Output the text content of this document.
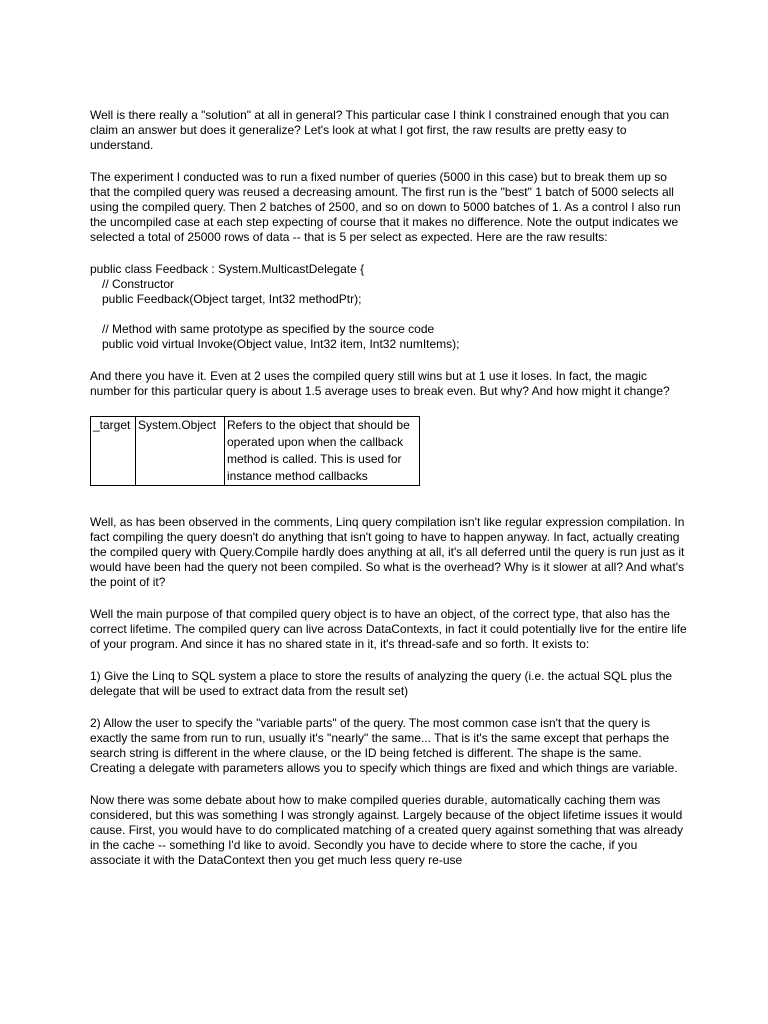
Well is there really a "solution" at all in general? This particular case I think I constrained enough that you can claim an answer but does it generalize? Let's look at what I got first, the raw results are pretty easy to understand.

The experiment I conducted was to run a fixed number of queries (5000 in this case) but to break them up so that the compiled query was reused a decreasing amount. The first run is the "best" 1 batch of 5000 selects all using the compiled query. Then 2 batches of 2500, and so on down to 5000 batches of 1. As a control I also run the uncompiled case at each step expecting of course that it makes no difference. Note the output indicates we selected a total of 25000 rows of data -- that is 5 per select as expected. Here are the raw results:

public class Feedback : System.MulticastDelegate {
// Constructor
public Feedback(Object target, Int32 methodPtr);

// Method with same prototype as specified by the source code
public void virtual Invoke(Object value, Int32 item, Int32 numItems);

And there you have it. Even at 2 uses the compiled query still wins but at 1 use it loses. In fact, the magic number for this particular query is about 1.5 average uses to break even. But why? And how might it change?

_target	System.Object	Refers to the object that should be operated upon when the callback method is called. This is used for instance method callbacks

Well, as has been observed in the comments, Linq query compilation isn't like regular expression compilation. In fact compiling the query doesn't do anything that isn't going to have to happen anyway. In fact, actually creating the compiled query with Query.Compile hardly does anything at all, it's all deferred until the query is run just as it would have been had the query not been compiled. So what is the overhead? Why is it slower at all? And what's the point of it?

Well the main purpose of that compiled query object is to have an object, of the correct type, that also has the correct lifetime. The compiled query can live across DataContexts, in fact it could potentially live for the entire life of your program. And since it has no shared state in it, it's thread-safe and so forth. It exists to:

1) Give the Linq to SQL system a place to store the results of analyzing the query (i.e. the actual SQL plus the delegate that will be used to extract data from the result set)

2) Allow the user to specify the "variable parts" of the query. The most common case isn't that the query is exactly the same from run to run, usually it's "nearly" the same... That is it's the same except that perhaps the search string is different in the where clause, or the ID being fetched is different. The shape is the same. Creating a delegate with parameters allows you to specify which things are fixed and which things are variable.

Now there was some debate about how to make compiled queries durable, automatically caching them was considered, but this was something I was strongly against. Largely because of the object lifetime issues it would cause. First, you would have to do complicated matching of a created query against something that was already in the cache -- something I'd like to avoid. Secondly you have to decide where to store the cache, if you associate it with the DataContext then you get much less query re-use
